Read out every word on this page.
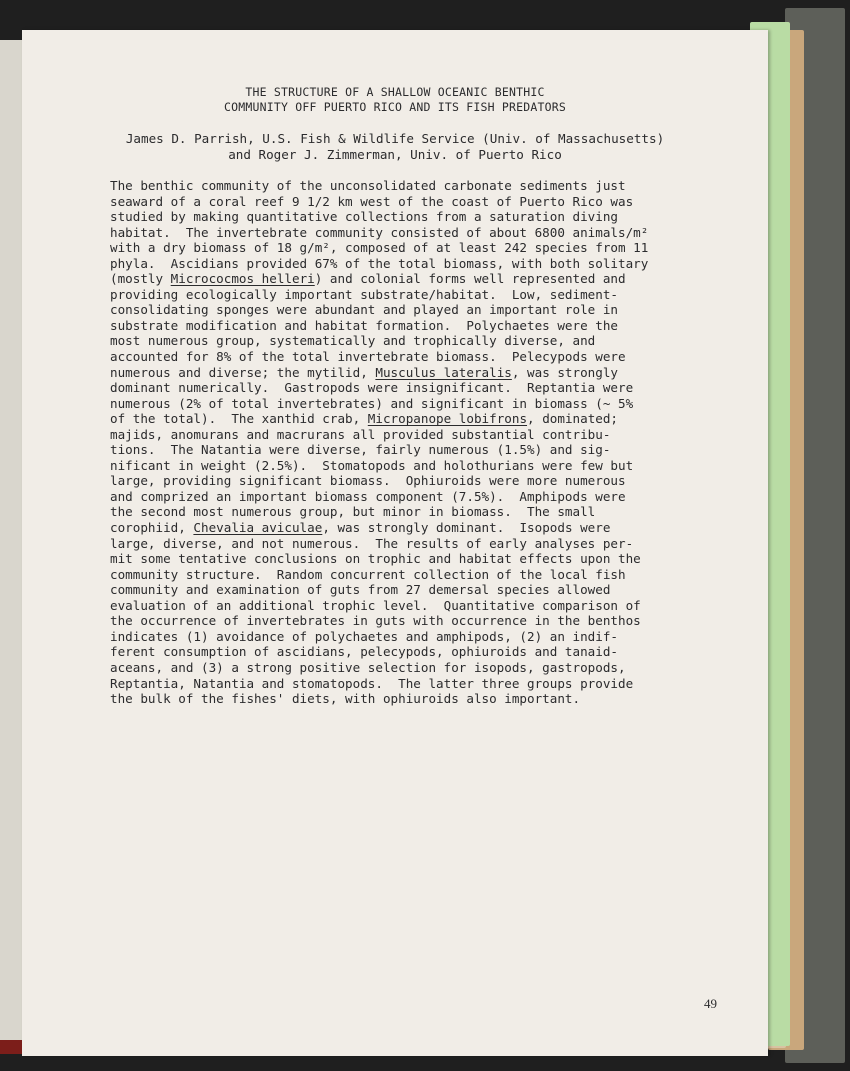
THE STRUCTURE OF A SHALLOW OCEANIC BENTHIC
COMMUNITY OFF PUERTO RICO AND ITS FISH PREDATORS
James D. Parrish, U.S. Fish & Wildlife Service (Univ. of Massachusetts)
and Roger J. Zimmerman, Univ. of Puerto Rico
The benthic community of the unconsolidated carbonate sediments just
seaward of a coral reef 9 1/2 km west of the coast of Puerto Rico was
studied by making quantitative collections from a saturation diving
habitat.  The invertebrate community consisted of about 6800 animals/m²
with a dry biomass of 18 g/m², composed of at least 242 species from 11
phyla.  Ascidians provided 67% of the total biomass, with both solitary
(mostly Micrococmos helleri) and colonial forms well represented and
providing ecologically important substrate/habitat.  Low, sediment-
consolidating sponges were abundant and played an important role in
substrate modification and habitat formation.  Polychaetes were the
most numerous group, systematically and trophically diverse, and
accounted for 8% of the total invertebrate biomass.  Pelecypods were
numerous and diverse; the mytilid, Musculus lateralis, was strongly
dominant numerically.  Gastropods were insignificant.  Reptantia were
numerous (2% of total invertebrates) and significant in biomass (~ 5%
of the total).  The xanthid crab, Micropanope lobifrons, dominated;
majids, anomurans and macrurans all provided substantial contribu-
tions.  The Natantia were diverse, fairly numerous (1.5%) and sig-
nificant in weight (2.5%).  Stomatopods and holothurians were few but
large, providing significant biomass.  Ophiuroids were more numerous
and comprized an important biomass component (7.5%).  Amphipods were
the second most numerous group, but minor in biomass.  The small
corophiid, Chevalia aviculae, was strongly dominant.  Isopods were
large, diverse, and not numerous.  The results of early analyses per-
mit some tentative conclusions on trophic and habitat effects upon the
community structure.  Random concurrent collection of the local fish
community and examination of guts from 27 demersal species allowed
evaluation of an additional trophic level.  Quantitative comparison of
the occurrence of invertebrates in guts with occurrence in the benthos
indicates (1) avoidance of polychaetes and amphipods, (2) an indif-
ferent consumption of ascidians, pelecypods, ophiuroids and tanaid-
aceans, and (3) a strong positive selection for isopods, gastropods,
Reptantia, Natantia and stomatopods.  The latter three groups provide
the bulk of the fishes' diets, with ophiuroids also important.
49
